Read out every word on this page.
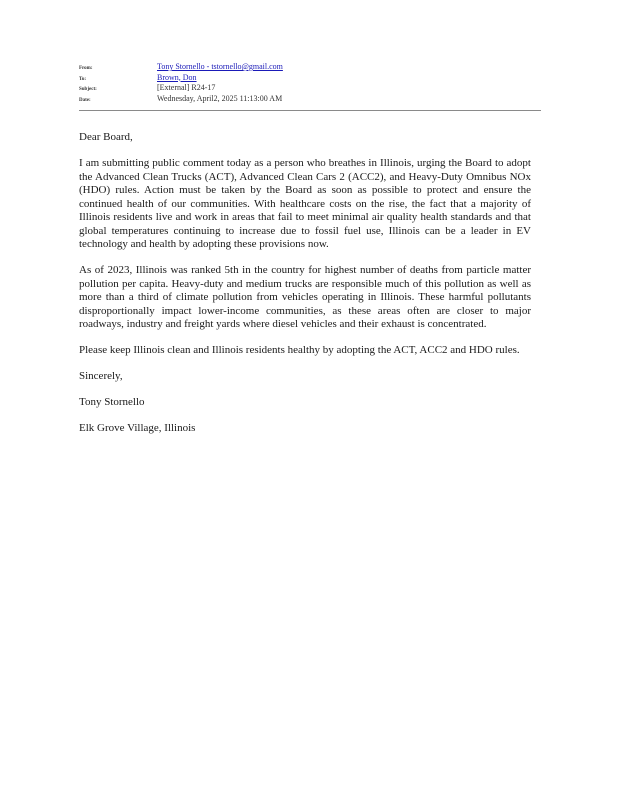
From:	Tony Stornello - tstornello@gmail.com
To:	Brown, Don
Subject:	[External] R24-17
Date:	Wednesday, April2, 2025 11:13:00 AM

Dear Board,

I am submitting public comment today as a person who breathes in Illinois, urging the Board to adopt the Advanced Clean Trucks (ACT), Advanced Clean Cars 2 (ACC2), and Heavy-Duty Omnibus NOx (HDO) rules. Action must be taken by the Board as soon as possible to protect and ensure the continued health of our communities. With healthcare costs on the rise, the fact that a majority of Illinois residents live and work in areas that fail to meet minimal air quality health standards and that global temperatures continuing to increase due to fossil fuel use, Illinois can be a leader in EV technology and health by adopting these provisions now.

As of 2023, Illinois was ranked 5th in the country for highest number of deaths from particle matter pollution per capita. Heavy-duty and medium trucks are responsible much of this pollution as well as more than a third of climate pollution from vehicles operating in Illinois. These harmful pollutants disproportionally impact lower-income communities, as these areas often are closer to major roadways, industry and freight yards where diesel vehicles and their exhaust is concentrated.

Please keep Illinois clean and Illinois residents healthy by adopting the ACT, ACC2 and HDO rules.

Sincerely,

Tony Stornello

Elk Grove Village, Illinois
